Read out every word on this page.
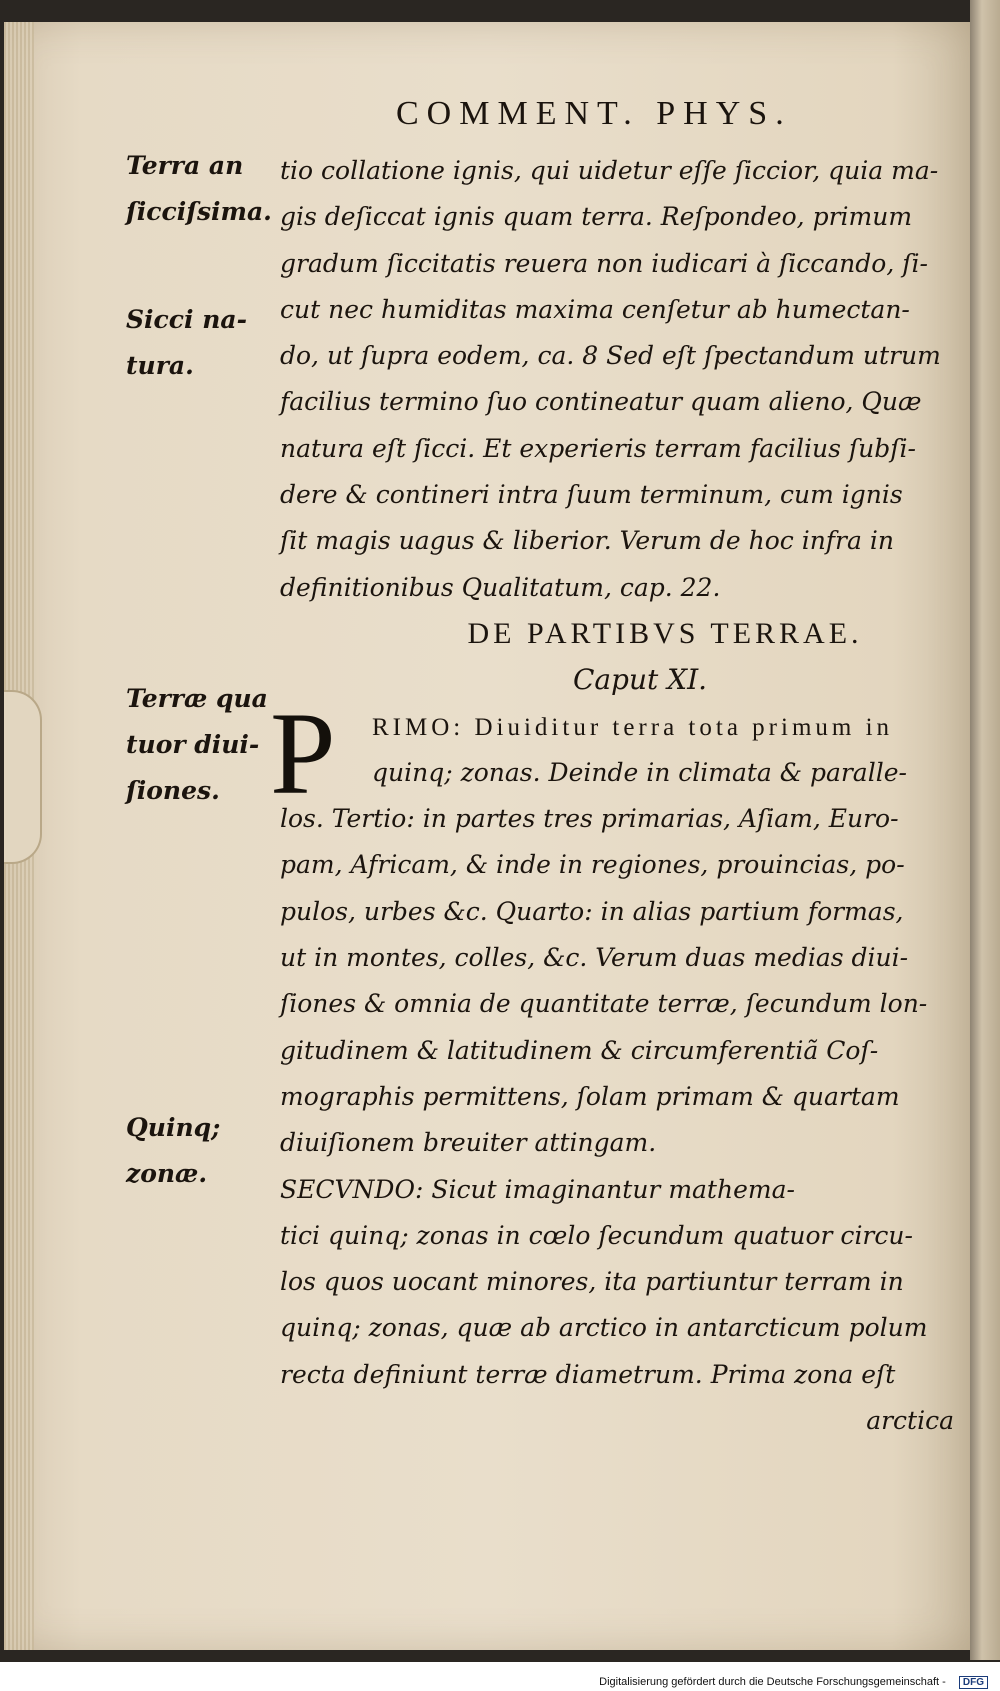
COMMENT. PHYS.
Terra an
ſicciſsima.
Sicci na-
tura.
Terræ qua
tuor diui-
ſiones.
Quinq;
zonæ.
tio collatione ignis, qui uidetur eſſe ſiccior, quia ma-
gis deſiccat ignis quam terra. Reſpondeo, primum
gradum ſiccitatis reuera non iudicari à ſiccando, ſi-
cut nec humiditas maxima cenſetur ab humectan-
do, ut ſupra eodem, ca. 8 Sed eſt ſpectandum utrum
facilius termino ſuo contineatur quam alieno, Quæ
natura eſt ſicci. Et experieris terram facilius ſubſi-
dere & contineri intra ſuum terminum, cum ignis
ſit magis uagus & liberior. Verum de hoc infra in
definitionibus Qualitatum, cap. 22.
DE PARTIBVS TERRAE.
Caput XI.
P	RIMO: Diuiditur terra tota primum in
quinq; zonas. Deinde in climata & paralle-
los. Tertio: in partes tres primarias, Aſiam, Euro-
pam, Africam, & inde in regiones, prouincias, po-
pulos, urbes &c. Quarto: in alias partium formas,
ut in montes, colles, &c. Verum duas medias diui-
ſiones & omnia de quantitate terræ, ſecundum lon-
gitudinem & latitudinem & circumferentiã Coſ-
mographis permittens, ſolam primam & quartam
diuiſionem breuiter attingam.
SECVNDO: Sicut imaginantur mathema-
tici quinq; zonas in cœlo ſecundum quatuor circu-
los quos uocant minores, ita partiuntur terram in
quinq; zonas, quæ ab arctico in antarcticum polum
recta definiunt terræ diametrum. Prima zona eſt
arctica
Digitalisierung gefördert durch die Deutsche Forschungsgemeinschaft - DFG
